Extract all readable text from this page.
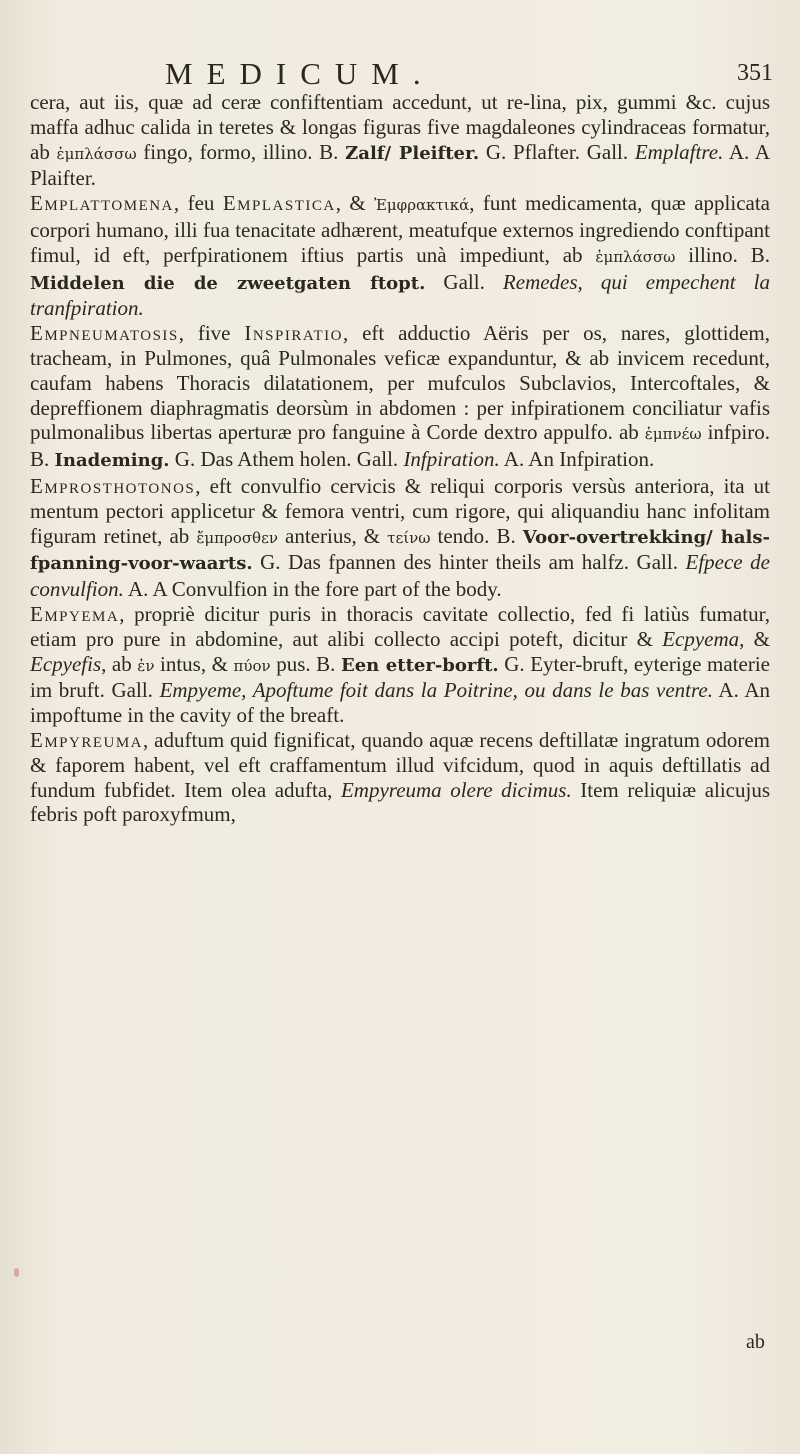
MEDICUM.	351

cera, aut iis, quæ ad ceræ confiftentiam accedunt, ut re-lina, pix, gummi &c. cujus maffa adhuc calida in teretes & longas figuras five magdaleones cylindraceas formatur, ab ἐμπλάσσω fingo, formo, illino. B. Zalf/ Pleifter. G. Pflafter. Gall. Emplaftre. A. A Plaifter.

Emplattomena, feu Emplastica, & Ἐμφρακτικά, funt medicamenta, quæ applicata corpori humano, illi fua tenacitate adhærent, meatufque externos ingrediendo conftipant fimul, id eft, perfpirationem iftius partis unà impediunt, ab ἐμπλάσσω illino. B. Middelen die de zweetgaten ftopt. Gall. Remedes, qui empechent la tranfpiration.

Empneumatosis, five Inspiratio, eft adductio Aëris per os, nares, glottidem, tracheam, in Pulmones, quâ Pulmonales veficæ expanduntur, & ab invicem recedunt, caufam habens Thoracis dilatationem, per mufculos Subclavios, Intercoftales, & depreffionem diaphragmatis deorsùm in abdomen : per infpirationem conciliatur vafis pulmonalibus libertas aperturæ pro fanguine à Corde dextro appulfo. ab ἐμπνέω infpiro. B. Inademing. G. Das Athem holen. Gall. Infpiration. A. An Infpiration.

Emprosthotonos, eft convulfio cervicis & reliqui corporis versùs anteriora, ita ut mentum pectori applicetur & femora ventri, cum rigore, qui aliquandiu hanc infolitam figuram retinet, ab ἔμπροσθεν anterius, & τείνω tendo. B. Voor-overtrekking/ hals-fpanning-voor-waarts. G. Das fpannen des hinter theils am halfz. Gall. Efpece de convulfion. A. A Convulfion in the fore part of the body.

Empyema, propriè dicitur puris in thoracis cavitate collectio, fed fi latiùs fumatur, etiam pro pure in abdomine, aut alibi collecto accipi poteft, dicitur & Ecpyema, & Ecpyefis, ab ἐν intus, & πύον pus. B. Een etter-borft. G. Eyter-bruft, eyterige materie im bruft. Gall. Empyeme, Apoftume foit dans la Poitrine, ou dans le bas ventre. A. An impoftume in the cavity of the breaft.

Empyreuma, aduftum quid fignificat, quando aquæ recens deftillatæ ingratum odorem & faporem habent, vel eft craffamentum illud vifcidum, quod in aquis deftillatis ad fundum fubfidet. Item olea adufta, Empyreuma olere dicimus. Item reliquiæ alicujus febris poft paroxyfmum,

ab
